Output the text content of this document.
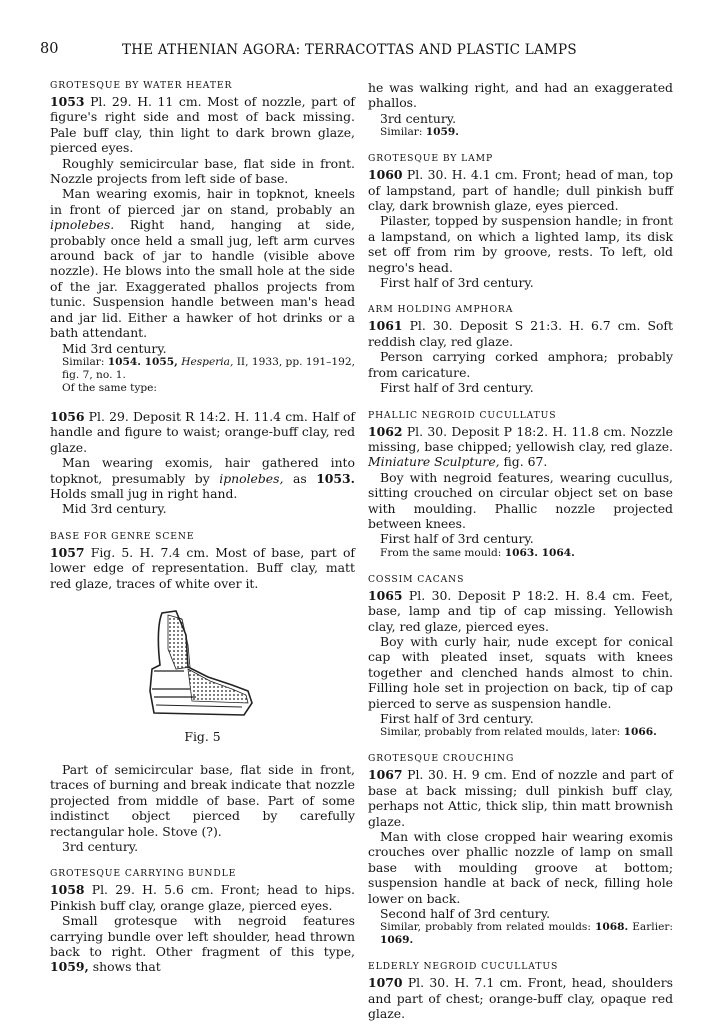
80	THE ATHENIAN AGORA: TERRACOTTAS AND PLASTIC LAMPS
GROTESQUE BY WATER HEATER

1053 Pl. 29. H. 11 cm. Most of nozzle, part of figure's right side and most of back missing. Pale buff clay, thin light to dark brown glaze, pierced eyes.

Roughly semicircular base, flat side in front. Nozzle projects from left side of base.

Man wearing exomis, hair in topknot, kneels in front of pierced jar on stand, probably an ipnolebes. Right hand, hanging at side, probably once held a small jug, left arm curves around back of jar to handle (visible above nozzle). He blows into the small hole at the side of the jar. Exaggerated phallos projects from tunic. Suspension handle between man's head and jar lid. Either a hawker of hot drinks or a bath attendant.

Mid 3rd century.

Similar: 1054. 1055, Hesperia, II, 1933, pp. 191–192, fig. 7, no. 1.

Of the same type:

1056 Pl. 29. Deposit R 14:2. H. 11.4 cm. Half of handle and figure to waist; orange-buff clay, red glaze.

Man wearing exomis, hair gathered into topknot, presumably by ipnolebes, as 1053. Holds small jug in right hand.

Mid 3rd century.

BASE FOR GENRE SCENE

1057 Fig. 5. H. 7.4 cm. Most of base, part of lower edge of representation. Buff clay, matt red glaze, traces of white over it.

Fig. 5

Part of semicircular base, flat side in front, traces of burning and break indicate that nozzle projected from middle of base. Part of some indistinct object pierced by carefully rectangular hole. Stove (?).

3rd century.

GROTESQUE CARRYING BUNDLE

1058 Pl. 29. H. 5.6 cm. Front; head to hips. Pinkish buff clay, orange glaze, pierced eyes.

Small grotesque with negroid features carrying bundle over left shoulder, head thrown back to right. Other fragment of this type, 1059, shows that

he was walking right, and had an exaggerated phallos.

3rd century.

Similar: 1059.

GROTESQUE BY LAMP

1060 Pl. 30. H. 4.1 cm. Front; head of man, top of lampstand, part of handle; dull pinkish buff clay, dark brownish glaze, eyes pierced.

Pilaster, topped by suspension handle; in front a lampstand, on which a lighted lamp, its disk set off from rim by groove, rests. To left, old negro's head.

First half of 3rd century.

ARM HOLDING AMPHORA

1061 Pl. 30. Deposit S 21:3. H. 6.7 cm. Soft reddish clay, red glaze.

Person carrying corked amphora; probably from caricature.

First half of 3rd century.

PHALLIC NEGROID CUCULLATUS

1062 Pl. 30. Deposit P 18:2. H. 11.8 cm. Nozzle missing, base chipped; yellowish clay, red glaze. Miniature Sculpture, fig. 67.

Boy with negroid features, wearing cucullus, sitting crouched on circular object set on base with moulding. Phallic nozzle projected between knees.

First half of 3rd century.

From the same mould: 1063. 1064.

COSSIM CACANS

1065 Pl. 30. Deposit P 18:2. H. 8.4 cm. Feet, base, lamp and tip of cap missing. Yellowish clay, red glaze, pierced eyes.

Boy with curly hair, nude except for conical cap with pleated inset, squats with knees together and clenched hands almost to chin. Filling hole set in projection on back, tip of cap pierced to serve as suspension handle.

First half of 3rd century.

Similar, probably from related moulds, later: 1066.

GROTESQUE CROUCHING

1067 Pl. 30. H. 9 cm. End of nozzle and part of base at back missing; dull pinkish buff clay, perhaps not Attic, thick slip, thin matt brownish glaze.

Man with close cropped hair wearing exomis crouches over phallic nozzle of lamp on small base with moulding groove at bottom; suspension handle at back of neck, filling hole lower on back.

Second half of 3rd century.

Similar, probably from related moulds: 1068. Earlier: 1069.

ELDERLY NEGROID CUCULLATUS

1070 Pl. 30. H. 7.1 cm. Front, head, shoulders and part of chest; orange-buff clay, opaque red glaze.
